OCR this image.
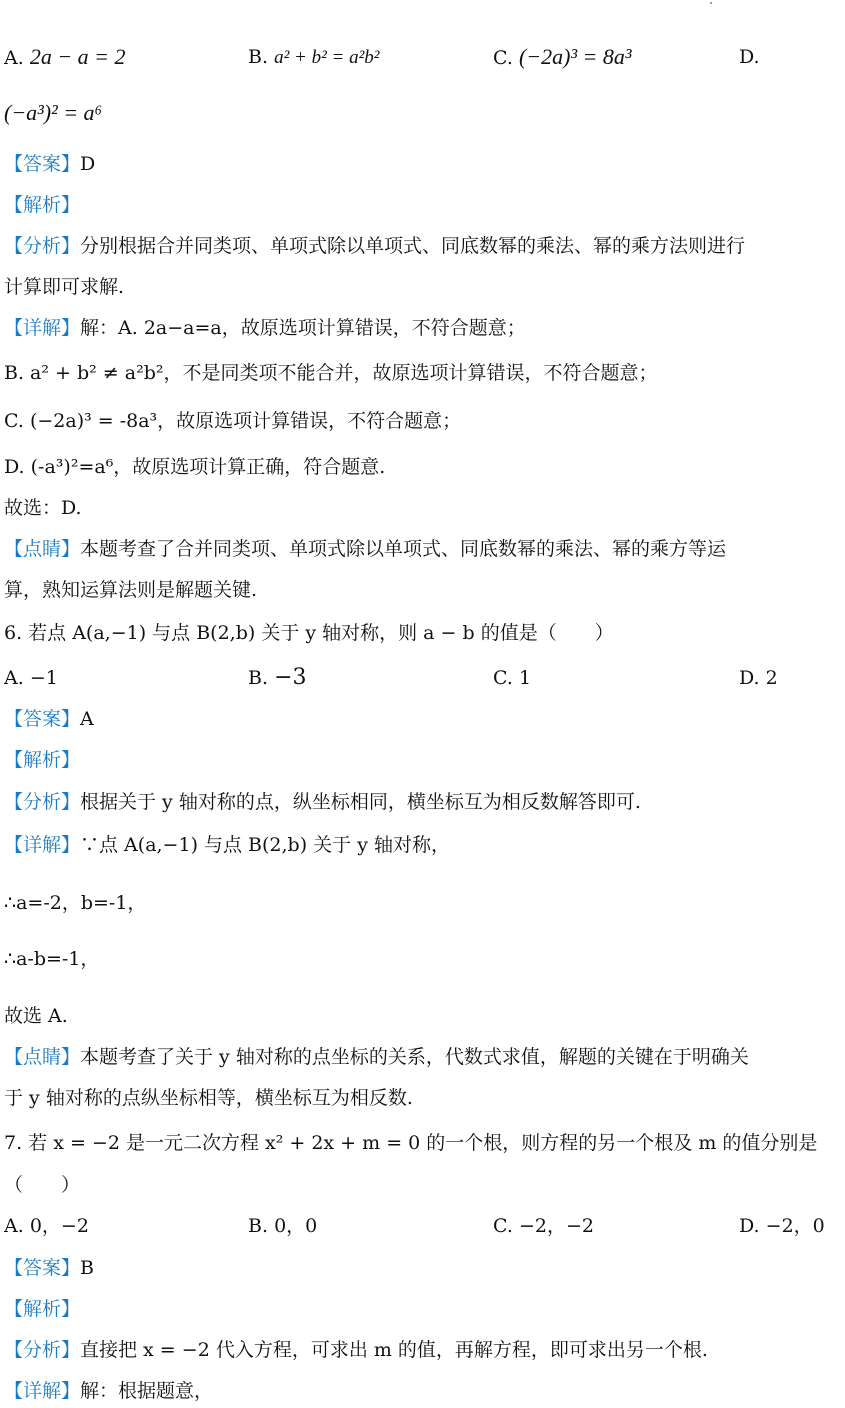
A. 2a − a = 2	B. a² + b² = a²b²	C. (−2a)³ = 8a³	D.
(−a³)² = a⁶
【答案】D
【解析】
【分析】分别根据合并同类项、单项式除以单项式、同底数幂的乘法、幂的乘方法则进行
计算即可求解.
【详解】解：A. 2a−a=a，故原选项计算错误，不符合题意；
B. a² + b² ≠ a²b²，不是同类项不能合并，故原选项计算错误，不符合题意；
C. (−2a)³ = -8a³，故原选项计算错误，不符合题意；
D. (-a³)²=a⁶，故原选项计算正确，符合题意.
故选：D.
【点睛】本题考查了合并同类项、单项式除以单项式、同底数幂的乘法、幂的乘方等运
算，熟知运算法则是解题关键.
6. 若点 A(a,−1) 与点 B(2,b) 关于 y 轴对称，则 a − b 的值是（　　）
A. −1	B. −3	C. 1	D. 2
【答案】A
【解析】
【分析】根据关于 y 轴对称的点，纵坐标相同，横坐标互为相反数解答即可.
【详解】∵点 A(a,−1) 与点 B(2,b) 关于 y 轴对称，
∴a=-2，b=-1，
∴a-b=-1，
故选 A.
【点睛】本题考查了关于 y 轴对称的点坐标的关系，代数式求值，解题的关键在于明确关
于 y 轴对称的点纵坐标相等，横坐标互为相反数.
7. 若 x = −2 是一元二次方程 x² + 2x + m = 0 的一个根，则方程的另一个根及 m 的值分别是
（　　）
A. 0，−2	B. 0，0	C. −2，−2	D. −2，0
【答案】B
【解析】
【分析】直接把 x = −2 代入方程，可求出 m 的值，再解方程，即可求出另一个根.
【详解】解：根据题意，
